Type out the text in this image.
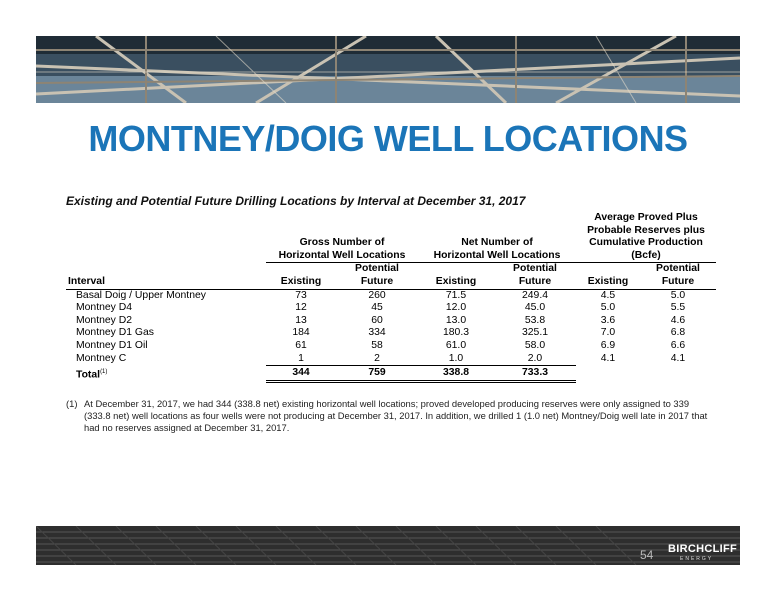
MONTNEY/DOIG WELL LOCATIONS
Existing and Potential Future Drilling Locations by Interval at December 31, 2017
					Average Proved Plus	
					Probable Reserves plus	
	Gross Number of		Net Number of		Cumulative Production	
	Horizontal Well Locations		Horizontal Well Locations		(Bcfe)	
		Potential		Potential		Potential
Interval	Existing	Future	Existing	Future	Existing	Future
Basal Doig / Upper Montney	73	260	71.5	249.4	4.5	5.0
Montney D4	12	45	12.0	45.0	5.0	5.5
Montney D2	13	60	13.0	53.8	3.6	4.6
Montney D1 Gas	184	334	180.3	325.1	7.0	6.8
Montney D1 Oil	61	58	61.0	58.0	6.9	6.6
Montney C	1	2	1.0	2.0	4.1	4.1
Total$^{(1)}$	344	759	338.8	733.3		
(1) At December 31, 2017, we had 344 (338.8 net) existing horizontal well locations; proved developed producing reserves were only assigned to 339 (333.8 net) well locations as four wells were not producing at December 31, 2017. In addition, we drilled 1 (1.0 net) Montney/Doig well late in 2017 that had no reserves assigned at December 31, 2017.
54 BIRCHCLIFF
ENERGY
